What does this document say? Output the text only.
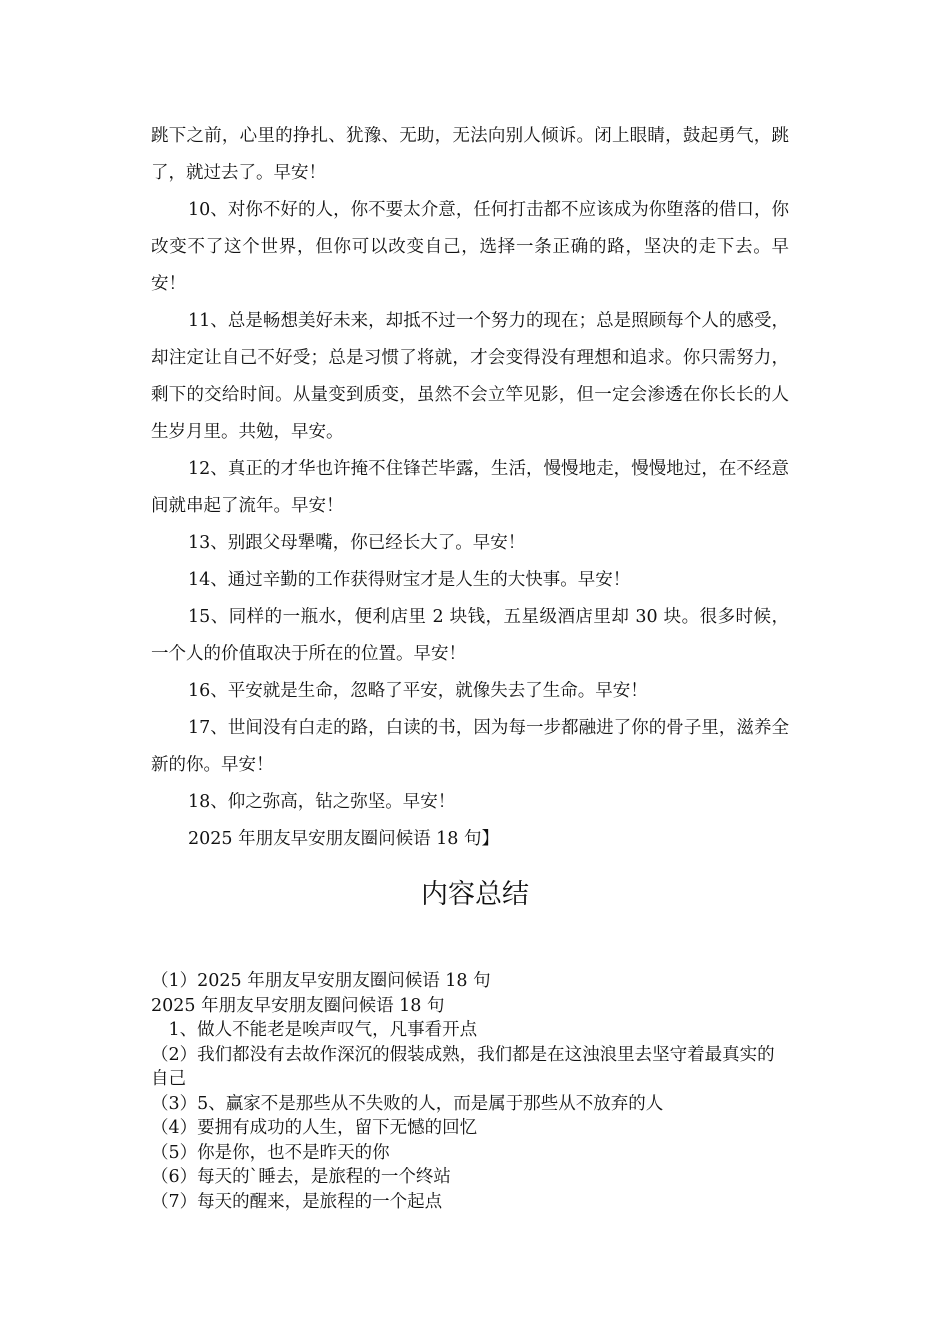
跳下之前，心里的挣扎、犹豫、无助，无法向别人倾诉。闭上眼睛，鼓起勇气，跳了，就过去了。早安！

10、对你不好的人，你不要太介意，任何打击都不应该成为你堕落的借口，你改变不了这个世界，但你可以改变自己，选择一条正确的路，坚决的走下去。早安！

11、总是畅想美好未来，却抵不过一个努力的现在；总是照顾每个人的感受，却注定让自己不好受；总是习惯了将就，才会变得没有理想和追求。你只需努力，剩下的交给时间。从量变到质变，虽然不会立竿见影，但一定会渗透在你长长的人生岁月里。共勉，早安。

12、真正的才华也许掩不住锋芒毕露，生活，慢慢地走，慢慢地过，在不经意间就串起了流年。早安！

13、别跟父母犟嘴，你已经长大了。早安！

14、通过辛勤的工作获得财宝才是人生的大快事。早安！

15、同样的一瓶水，便利店里 2 块钱，五星级酒店里却 30 块。很多时候，一个人的价值取决于所在的位置。早安！

16、平安就是生命，忽略了平安，就像失去了生命。早安！

17、世间没有白走的路，白读的书，因为每一步都融进了你的骨子里，滋养全新的你。早安！

18、仰之弥高，钻之弥坚。早安！

2025 年朋友早安朋友圈问候语 18 句】

内容总结

（1）2025 年朋友早安朋友圈问候语 18 句

2025 年朋友早安朋友圈问候语 18 句

　1、做人不能老是唉声叹气，凡事看开点

（2）我们都没有去故作深沉的假装成熟，我们都是在这浊浪里去坚守着最真实的自己

（3）5、赢家不是那些从不失败的人，而是属于那些从不放弃的人

（4）要拥有成功的人生，留下无憾的回忆

（5）你是你，也不是昨天的你

（6）每天的`睡去，是旅程的一个终站

（7）每天的醒来，是旅程的一个起点
